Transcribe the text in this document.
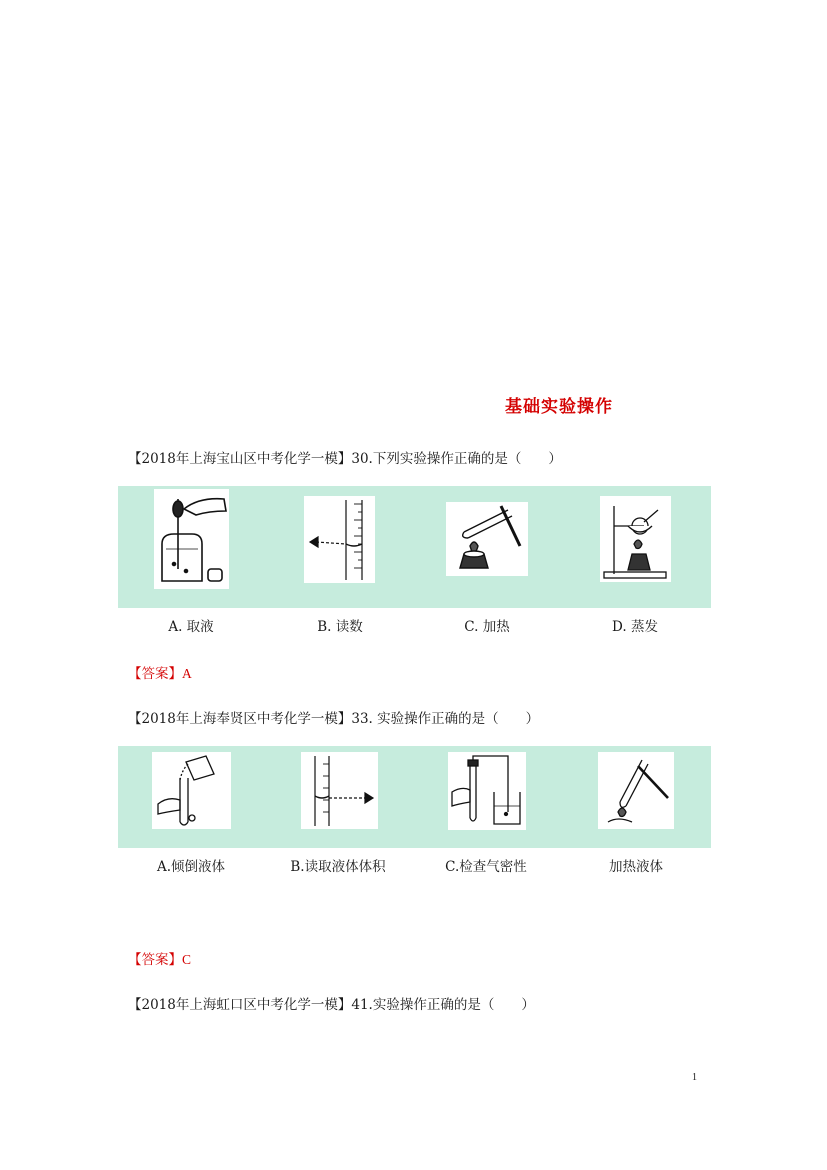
基础实验操作
【2018年上海宝山区中考化学一模】30.下列实验操作正确的是（　　）
A. 取液	B. 读数	C. 加热	D. 蒸发
【答案】A
【2018年上海奉贤区中考化学一模】33. 实验操作正确的是（　　）
A.倾倒液体	B.读取液体体积	C.检查气密性	加热液体
【答案】C
【2018年上海虹口区中考化学一模】41.实验操作正确的是（　　）
1
